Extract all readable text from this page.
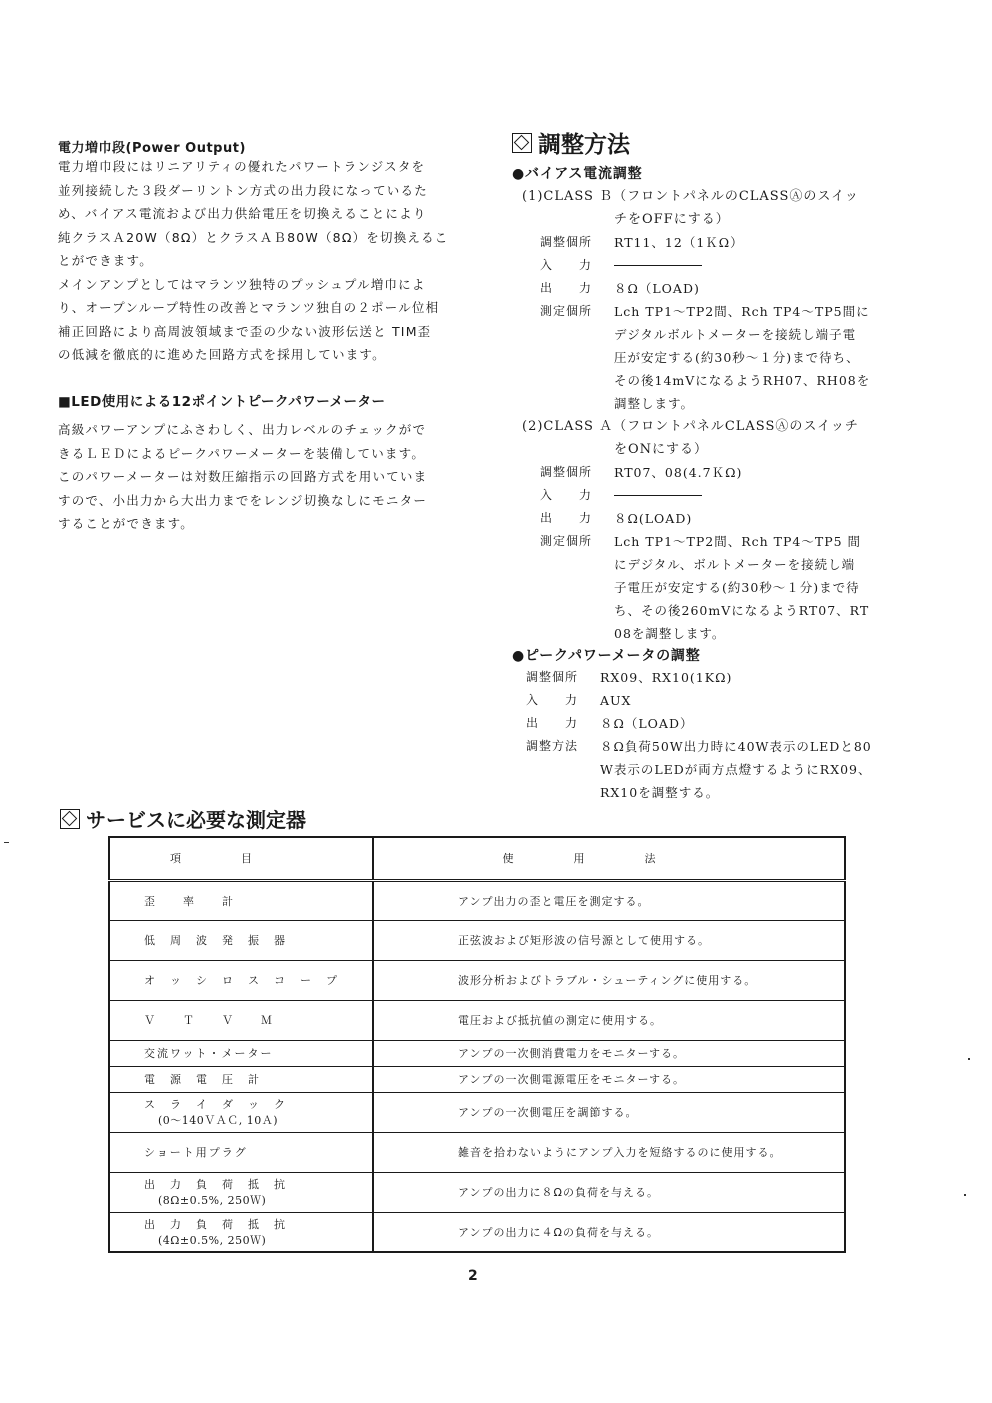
電力増巾段(Power Output)

電力増巾段にはリニアリティの優れたパワートランジスタを

並列接続した３段ダーリントン方式の出力段になっているた

め、バイアス電流および出力供給電圧を切換えることにより

純クラスＡ20W（8Ω）とクラスＡＢ80W（8Ω）を切換えるこ

とができます。

メインアンプとしてはマランツ独特のプッシュプル増巾によ

り、オープンループ特性の改善とマランツ独自の２ポール位相

補正回路により高周波領域まで歪の少ない波形伝送と TIM歪

の低減を徹底的に進めた回路方式を採用しています。

■LED使用による12ポイントピークパワーメーター

高級パワーアンプにふさわしく、出力レベルのチェックがで

きるＬＥＤによるピークパワーメーターを装備しています。

このパワーメーターは対数圧縮指示の回路方式を用いていま

すので、小出力から大出力までをレンジ切換なしにモニター

することができます。

調整方法
●バイアス電流調整
(1)CLASS Ｂ（フロントパネルのCLASSⒶのスイッ
チをOFFにする）
調整個所	RT11、12（1ＫΩ）
入　　力
出　　力	８Ω（LOAD)
測定個所	Lch TP1～TP2間、Rch TP4～TP5間に
デジタルボルトメーターを接続し端子電
圧が安定する(約30秒～１分)まで待ち、
その後14mVになるようRH07、RH08を
調整します。
(2)CLASS Ａ（フロントパネルCLASSⒶのスイッチ
をONにする）
調整個所	RT07、08(4.7ＫΩ)
入　　力
出　　力	８Ω(LOAD)
測定個所	Lch TP1～TP2間、Rch TP4～TP5 間
にデジタル、ボルトメーターを接続し端
子電圧が安定する(約30秒～１分)まで待
ち、その後260mVになるようRT07、RT
08を調整します。
●ピークパワーメータの調整
調整個所	RX09、RX10(1KΩ)
入　　力	AUX
出　　力	８Ω（LOAD）
調整方法	８Ω負荷50W出力時に40W表示のLEDと80
W表示のLEDが両方点燈するようにRX09、
RX10を調整する。
サービスに必要な測定器
項目	使用法
歪　　率　　計	アンプ出力の歪と電圧を測定する。
低　周　波　発　振　器	正弦波および矩形波の信号源として使用する。
オ　ッ　シ　ロ　ス　コ　ー　プ	波形分析およびトラブル・シューティングに使用する。
Ｖ　　Ｔ　　Ｖ　　Ｍ	電圧および抵抗値の測定に使用する。
交流ワット・メーター	アンプの一次側消費電力をモニターする。
電　源　電　圧　計	アンプの一次側電源電圧をモニターする。

ス　ラ　イ　ダ　ッ　ク
(0～140ＶＡＣ, 10Ａ)	アンプの一次側電圧を調節する。
ショート用プラグ	雑音を拾わないようにアンプ入力を短絡するのに使用する。

出　力　負　荷　抵　抗
(8Ω±0.5%, 250Ｗ)	アンプの出力に８Ωの負荷を与える。

出　力　負　荷　抵　抗
(4Ω±0.5%, 250Ｗ)	アンプの出力に４Ωの負荷を与える。
2
